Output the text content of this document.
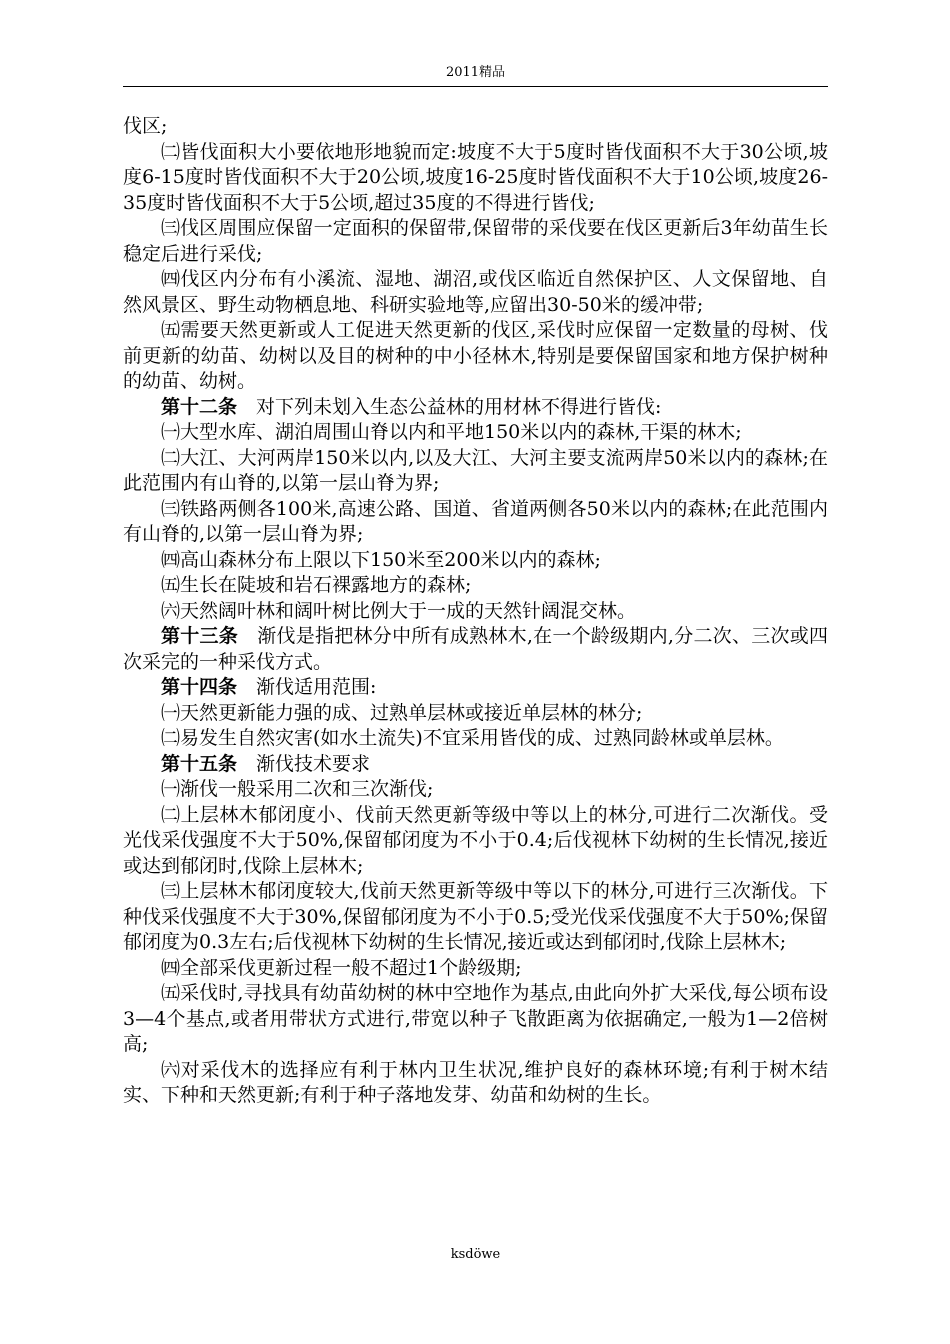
2011精品

伐区;

㈡皆伐面积大小要依地形地貌而定:坡度不大于5度时皆伐面积不大于30公顷,坡度6-15度时皆伐面积不大于20公顷,坡度16-25度时皆伐面积不大于10公顷,坡度26-35度时皆伐面积不大于5公顷,超过35度的不得进行皆伐;

㈢伐区周围应保留一定面积的保留带,保留带的采伐要在伐区更新后3年幼苗生长稳定后进行采伐;

㈣伐区内分布有小溪流、湿地、湖沼,或伐区临近自然保护区、人文保留地、自然风景区、野生动物栖息地、科研实验地等,应留出30-50米的缓冲带;

㈤需要天然更新或人工促进天然更新的伐区,采伐时应保留一定数量的母树、伐前更新的幼苗、幼树以及目的树种的中小径林木,特别是要保留国家和地方保护树种的幼苗、幼树。

第十二条　对下列未划入生态公益林的用材林不得进行皆伐:

㈠大型水库、湖泊周围山脊以内和平地150米以内的森林,干渠的林木;

㈡大江、大河两岸150米以内,以及大江、大河主要支流两岸50米以内的森林;在此范围内有山脊的,以第一层山脊为界;

㈢铁路两侧各100米,高速公路、国道、省道两侧各50米以内的森林;在此范围内有山脊的,以第一层山脊为界;

㈣高山森林分布上限以下150米至200米以内的森林;

㈤生长在陡坡和岩石裸露地方的森林;

㈥天然阔叶林和阔叶树比例大于一成的天然针阔混交林。

第十三条　渐伐是指把林分中所有成熟林木,在一个龄级期内,分二次、三次或四次采完的一种采伐方式。

第十四条　渐伐适用范围:

㈠天然更新能力强的成、过熟单层林或接近单层林的林分;

㈡易发生自然灾害(如水土流失)不宜采用皆伐的成、过熟同龄林或单层林。

第十五条　渐伐技术要求

㈠渐伐一般采用二次和三次渐伐;

㈡上层林木郁闭度小、伐前天然更新等级中等以上的林分,可进行二次渐伐。受光伐采伐强度不大于50%,保留郁闭度为不小于0.4;后伐视林下幼树的生长情况,接近或达到郁闭时,伐除上层林木;

㈢上层林木郁闭度较大,伐前天然更新等级中等以下的林分,可进行三次渐伐。下种伐采伐强度不大于30%,保留郁闭度为不小于0.5;受光伐采伐强度不大于50%;保留郁闭度为0.3左右;后伐视林下幼树的生长情况,接近或达到郁闭时,伐除上层林木;

㈣全部采伐更新过程一般不超过1个龄级期;

㈤采伐时,寻找具有幼苗幼树的林中空地作为基点,由此向外扩大采伐,每公顷布设3—4个基点,或者用带状方式进行,带宽以种子飞散距离为依据确定,一般为1—2倍树高;

㈥对采伐木的选择应有利于林内卫生状况,维护良好的森林环境;有利于树木结实、下种和天然更新;有利于种子落地发芽、幼苗和幼树的生长。

ksdöwe
